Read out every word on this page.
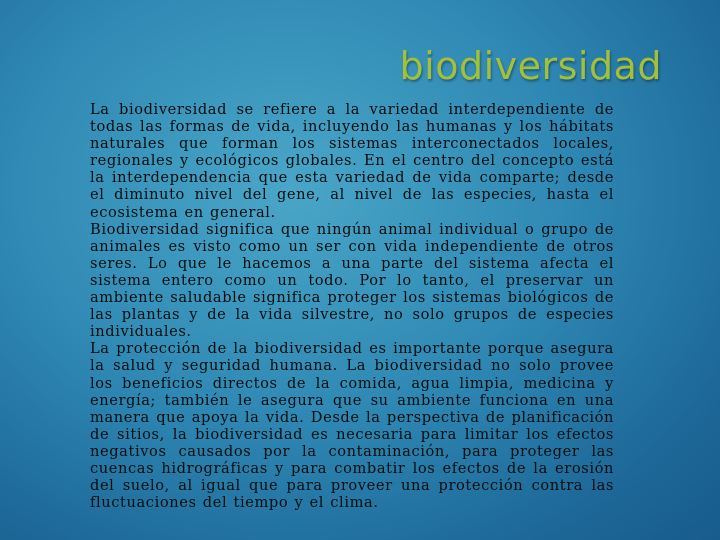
biodiversidad

La biodiversidad se refiere a la variedad interdependiente de todas las formas de vida, incluyendo las humanas y los hábitats naturales que forman los sistemas interconectados locales, regionales y ecológicos globales. En el centro del concepto está la interdependencia que esta variedad de vida comparte; desde el diminuto nivel del gene, al nivel de las especies, hasta el ecosistema en general.

Biodiversidad significa que ningún animal individual o grupo de animales es visto como un ser con vida independiente de otros seres. Lo que le hacemos a una parte del sistema afecta el sistema entero como un todo. Por lo tanto, el preservar un ambiente saludable significa proteger los sistemas biológicos de las plantas y de la vida silvestre, no solo grupos de especies individuales.

La protección de la biodiversidad es importante porque asegura la salud y seguridad humana. La biodiversidad no solo provee los beneficios directos de la comida, agua limpia, medicina y energía; también le asegura que su ambiente funciona en una manera que apoya la vida. Desde la perspectiva de planificación de sitios, la biodiversidad es necesaria para limitar los efectos negativos causados por la contaminación, para proteger las cuencas hidrográficas y para combatir los efectos de la erosión del suelo, al igual que para proveer una protección contra las fluctuaciones del tiempo y el clima.
